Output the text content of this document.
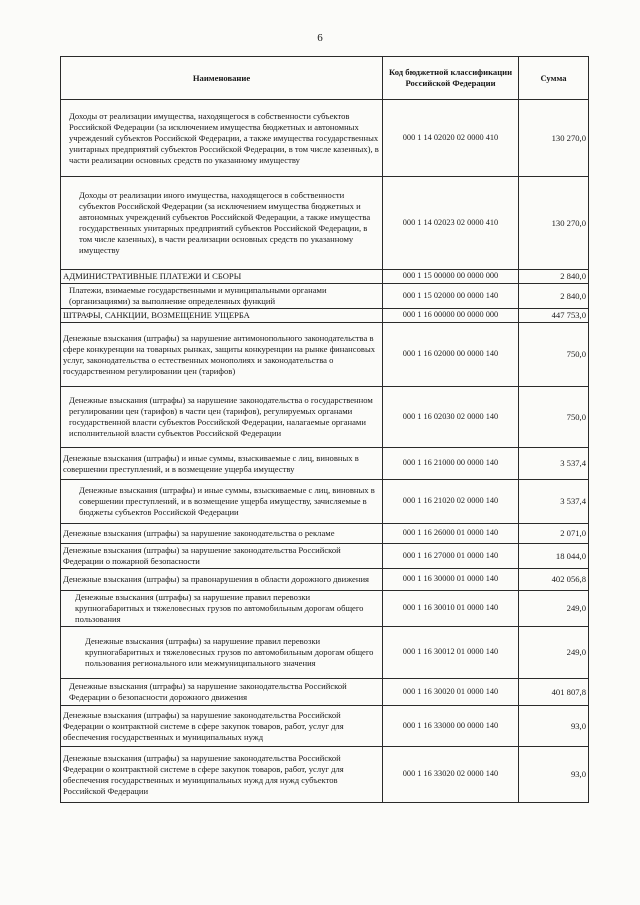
6
Наименование	Код бюджетной классификации Российской Федерации	Сумма
Доходы от реализации имущества, находящегося в собственности субъектов Российской Федерации (за исключением имущества бюджетных и автономных учреждений субъектов Российской Федерации, а также имущества государственных унитарных предприятий субъектов Российской Федерации, в том числе казенных), в части реализации основных средств по указанному имуществу	000 1 14 02020 02 0000 410	130 270,0
Доходы от реализации иного имущества, находящегося в собственности субъектов Российской Федерации (за исключением имущества бюджетных и автономных учреждений субъектов Российской Федерации, а также имущества государственных унитарных предприятий субъектов Российской Федерации, в том числе казенных), в части реализации основных средств по указанному имуществу	000 1 14 02023 02 0000 410	130 270,0
АДМИНИСТРАТИВНЫЕ ПЛАТЕЖИ И СБОРЫ	000 1 15 00000 00 0000 000	2 840,0
Платежи, взимаемые государственными и муниципальными органами (организациями) за выполнение определенных функций	000 1 15 02000 00 0000 140	2 840,0
ШТРАФЫ, САНКЦИИ, ВОЗМЕЩЕНИЕ УЩЕРБА	000 1 16 00000 00 0000 000	447 753,0
Денежные взыскания (штрафы) за нарушение антимонопольного законодательства в сфере конкуренции на товарных рынках, защиты конкуренции на рынке финансовых услуг, законодательства о естественных монополиях и законодательства о государственном регулировании цен (тарифов)	000 1 16 02000 00 0000 140	750,0
Денежные взыскания (штрафы) за нарушение законодательства о государственном регулировании цен (тарифов) в части цен (тарифов), регулируемых органами государственной власти субъектов Российской Федерации, налагаемые органами исполнительной власти субъектов Российской Федерации	000 1 16 02030 02 0000 140	750,0
Денежные взыскания (штрафы) и иные суммы, взыскиваемые с лиц, виновных в совершении преступлений, и в возмещение ущерба имуществу	000 1 16 21000 00 0000 140	3 537,4
Денежные взыскания (штрафы) и иные суммы, взыскиваемые с лиц, виновных в совершении преступлений, и в возмещение ущерба имуществу, зачисляемые в бюджеты субъектов Российской Федерации	000 1 16 21020 02 0000 140	3 537,4
Денежные взыскания (штрафы) за нарушение законодательства о рекламе	000 1 16 26000 01 0000 140	2 071,0
Денежные взыскания (штрафы) за нарушение законодательства Российской Федерации о пожарной безопасности	000 1 16 27000 01 0000 140	18 044,0
Денежные взыскания (штрафы) за правонарушения в области дорожного движения	000 1 16 30000 01 0000 140	402 056,8
Денежные взыскания (штрафы) за нарушение правил перевозки крупногабаритных и тяжеловесных грузов по автомобильным дорогам общего пользования	000 1 16 30010 01 0000 140	249,0
Денежные взыскания (штрафы) за нарушение правил перевозки крупногабаритных и тяжеловесных грузов по автомобильным дорогам общего пользования регионального или межмуниципального значения	000 1 16 30012 01 0000 140	249,0
Денежные взыскания (штрафы) за нарушение законодательства Российской Федерации о безопасности дорожного движения	000 1 16 30020 01 0000 140	401 807,8
Денежные взыскания (штрафы) за нарушение законодательства Российской Федерации о контрактной системе в сфере закупок товаров, работ, услуг для обеспечения государственных и муниципальных нужд	000 1 16 33000 00 0000 140	93,0
Денежные взыскания (штрафы) за нарушение законодательства Российской Федерации о контрактной системе в сфере закупок товаров, работ, услуг для обеспечения государственных и муниципальных нужд для нужд субъектов Российской Федерации	000 1 16 33020 02 0000 140	93,0
